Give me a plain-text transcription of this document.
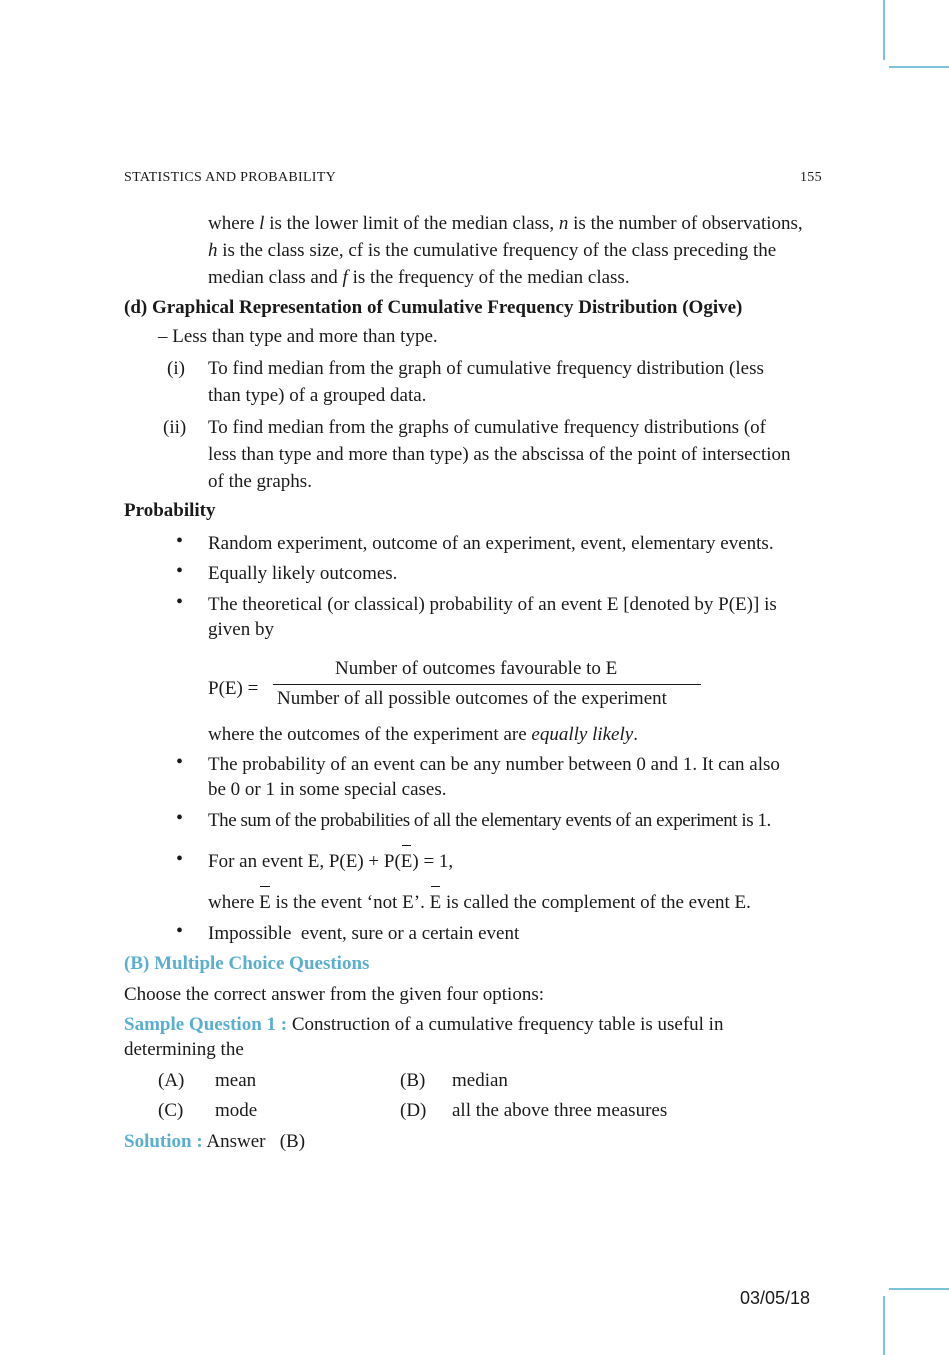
STATISTICS AND PROBABILITY	155
where l is the lower limit of the median class, n is the number of observations,
h is the class size, cf is the cumulative frequency of the class preceding the
median class and f is the frequency of the median class.
(d) Graphical Representation of Cumulative Frequency Distribution (Ogive)
– Less than type and more than type.
(i) To find median from the graph of cumulative frequency distribution (less
than type) of a grouped data.
(ii) To find median from the graphs of cumulative frequency distributions (of
less than type and more than type) as the abscissa of the point of intersection
of the graphs.
Probability
• Random experiment, outcome of an experiment, event, elementary events.
• Equally likely outcomes.
• The theoretical (or classical) probability of an event E [denoted by P(E)] is
given by
P(E) =
Number of outcomes favourable to E
Number of all possible outcomes of the experiment
where the outcomes of the experiment are equally likely.
• The probability of an event can be any number between 0 and 1. It can also
be 0 or 1 in some special cases.
• The sum of the probabilities of all the elementary events of an experiment is 1.
• For an event E, P(E) + P(E) = 1,
where E is the event ‘not E’. E is called the complement of the event E.
• Impossible  event, sure or a certain event
(B) Multiple Choice Questions
Choose the correct answer from the given four options:
Sample Question 1 : Construction of a cumulative frequency table is useful in
determining the
(A) mean	(B) median
(C) mode	(D) all the above three measures
Solution : Answer   (B)
03/05/18
